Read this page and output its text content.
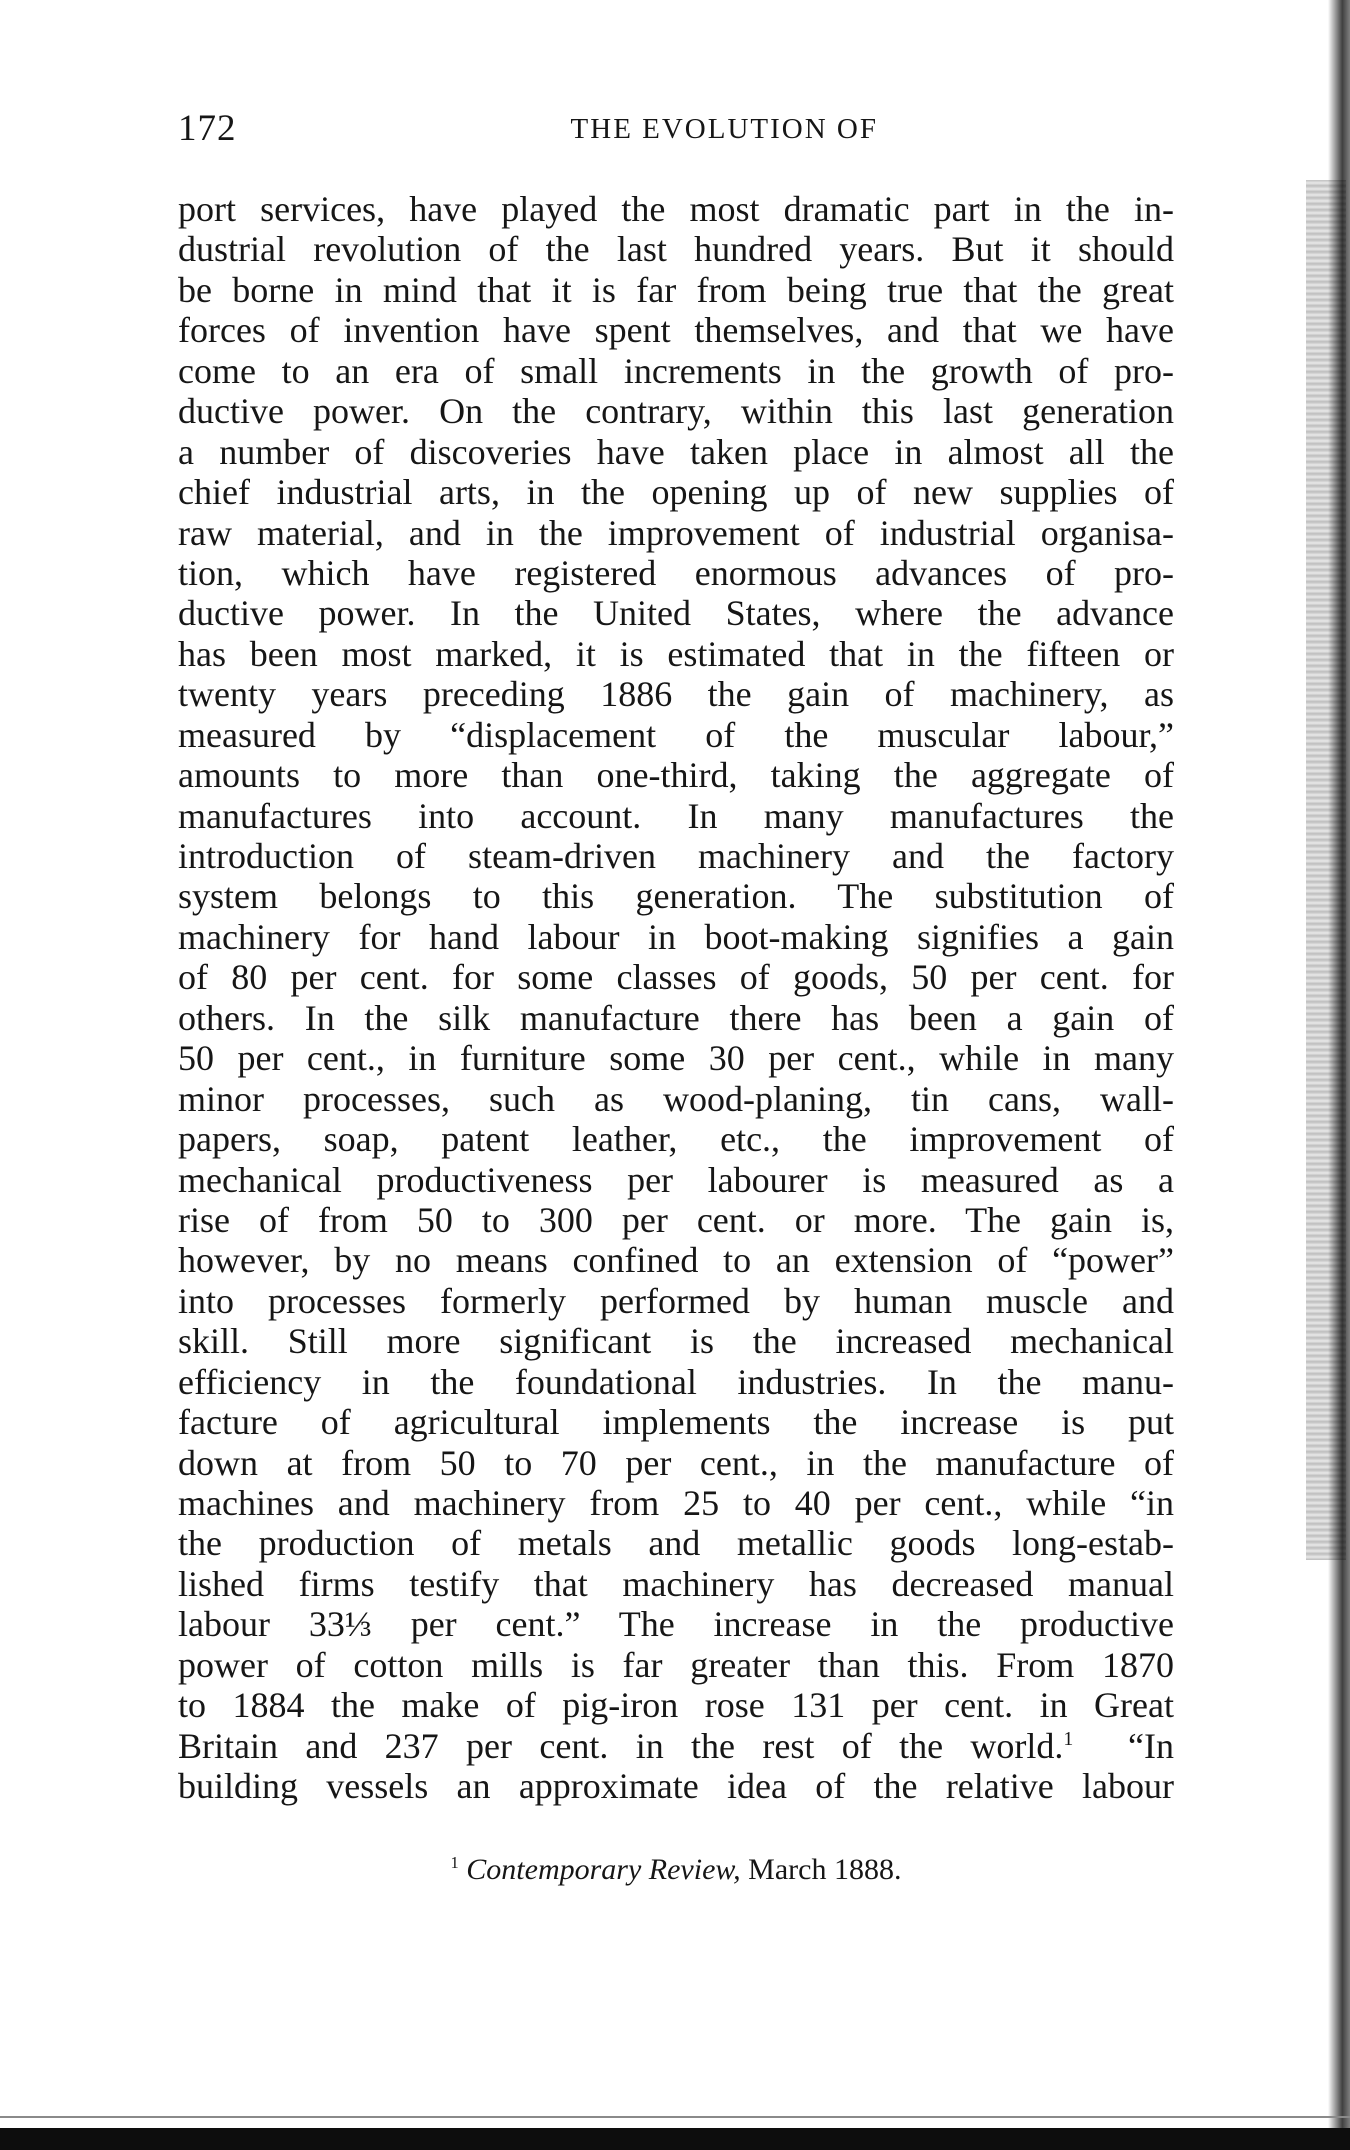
172	THE EVOLUTION OF
port services, have played the most dramatic part in the in-
dustrial revolution of the last hundred years. But it should
be borne in mind that it is far from being true that the great
forces of invention have spent themselves, and that we have
come to an era of small increments in the growth of pro-
ductive power. On the contrary, within this last generation
a number of discoveries have taken place in almost all the
chief industrial arts, in the opening up of new supplies of
raw material, and in the improvement of industrial organisa-
tion, which have registered enormous advances of pro-
ductive power. In the United States, where the advance
has been most marked, it is estimated that in the fifteen or
twenty years preceding 1886 the gain of machinery, as
measured by “displacement of the muscular labour,”
amounts to more than one-third, taking the aggregate of
manufactures into account. In many manufactures the
introduction of steam-driven machinery and the factory
system belongs to this generation. The substitution of
machinery for hand labour in boot-making signifies a gain
of 80 per cent. for some classes of goods, 50 per cent. for
others. In the silk manufacture there has been a gain of
50 per cent., in furniture some 30 per cent., while in many
minor processes, such as wood-planing, tin cans, wall-
papers, soap, patent leather, etc., the improvement of
mechanical productiveness per labourer is measured as a
rise of from 50 to 300 per cent. or more. The gain is,
however, by no means confined to an extension of “power”
into processes formerly performed by human muscle and
skill. Still more significant is the increased mechanical
efficiency in the foundational industries. In the manu-
facture of agricultural implements the increase is put
down at from 50 to 70 per cent., in the manufacture of
machines and machinery from 25 to 40 per cent., while “in
the production of metals and metallic goods long-estab-
lished firms testify that machinery has decreased manual
labour 33⅓ per cent.” The increase in the productive
power of cotton mills is far greater than this. From 1870
to 1884 the make of pig-iron rose 131 per cent. in Great
Britain and 237 per cent. in the rest of the world.$^1$ “In
building vessels an approximate idea of the relative labour
$^1$ Contemporary Review, March 1888.
